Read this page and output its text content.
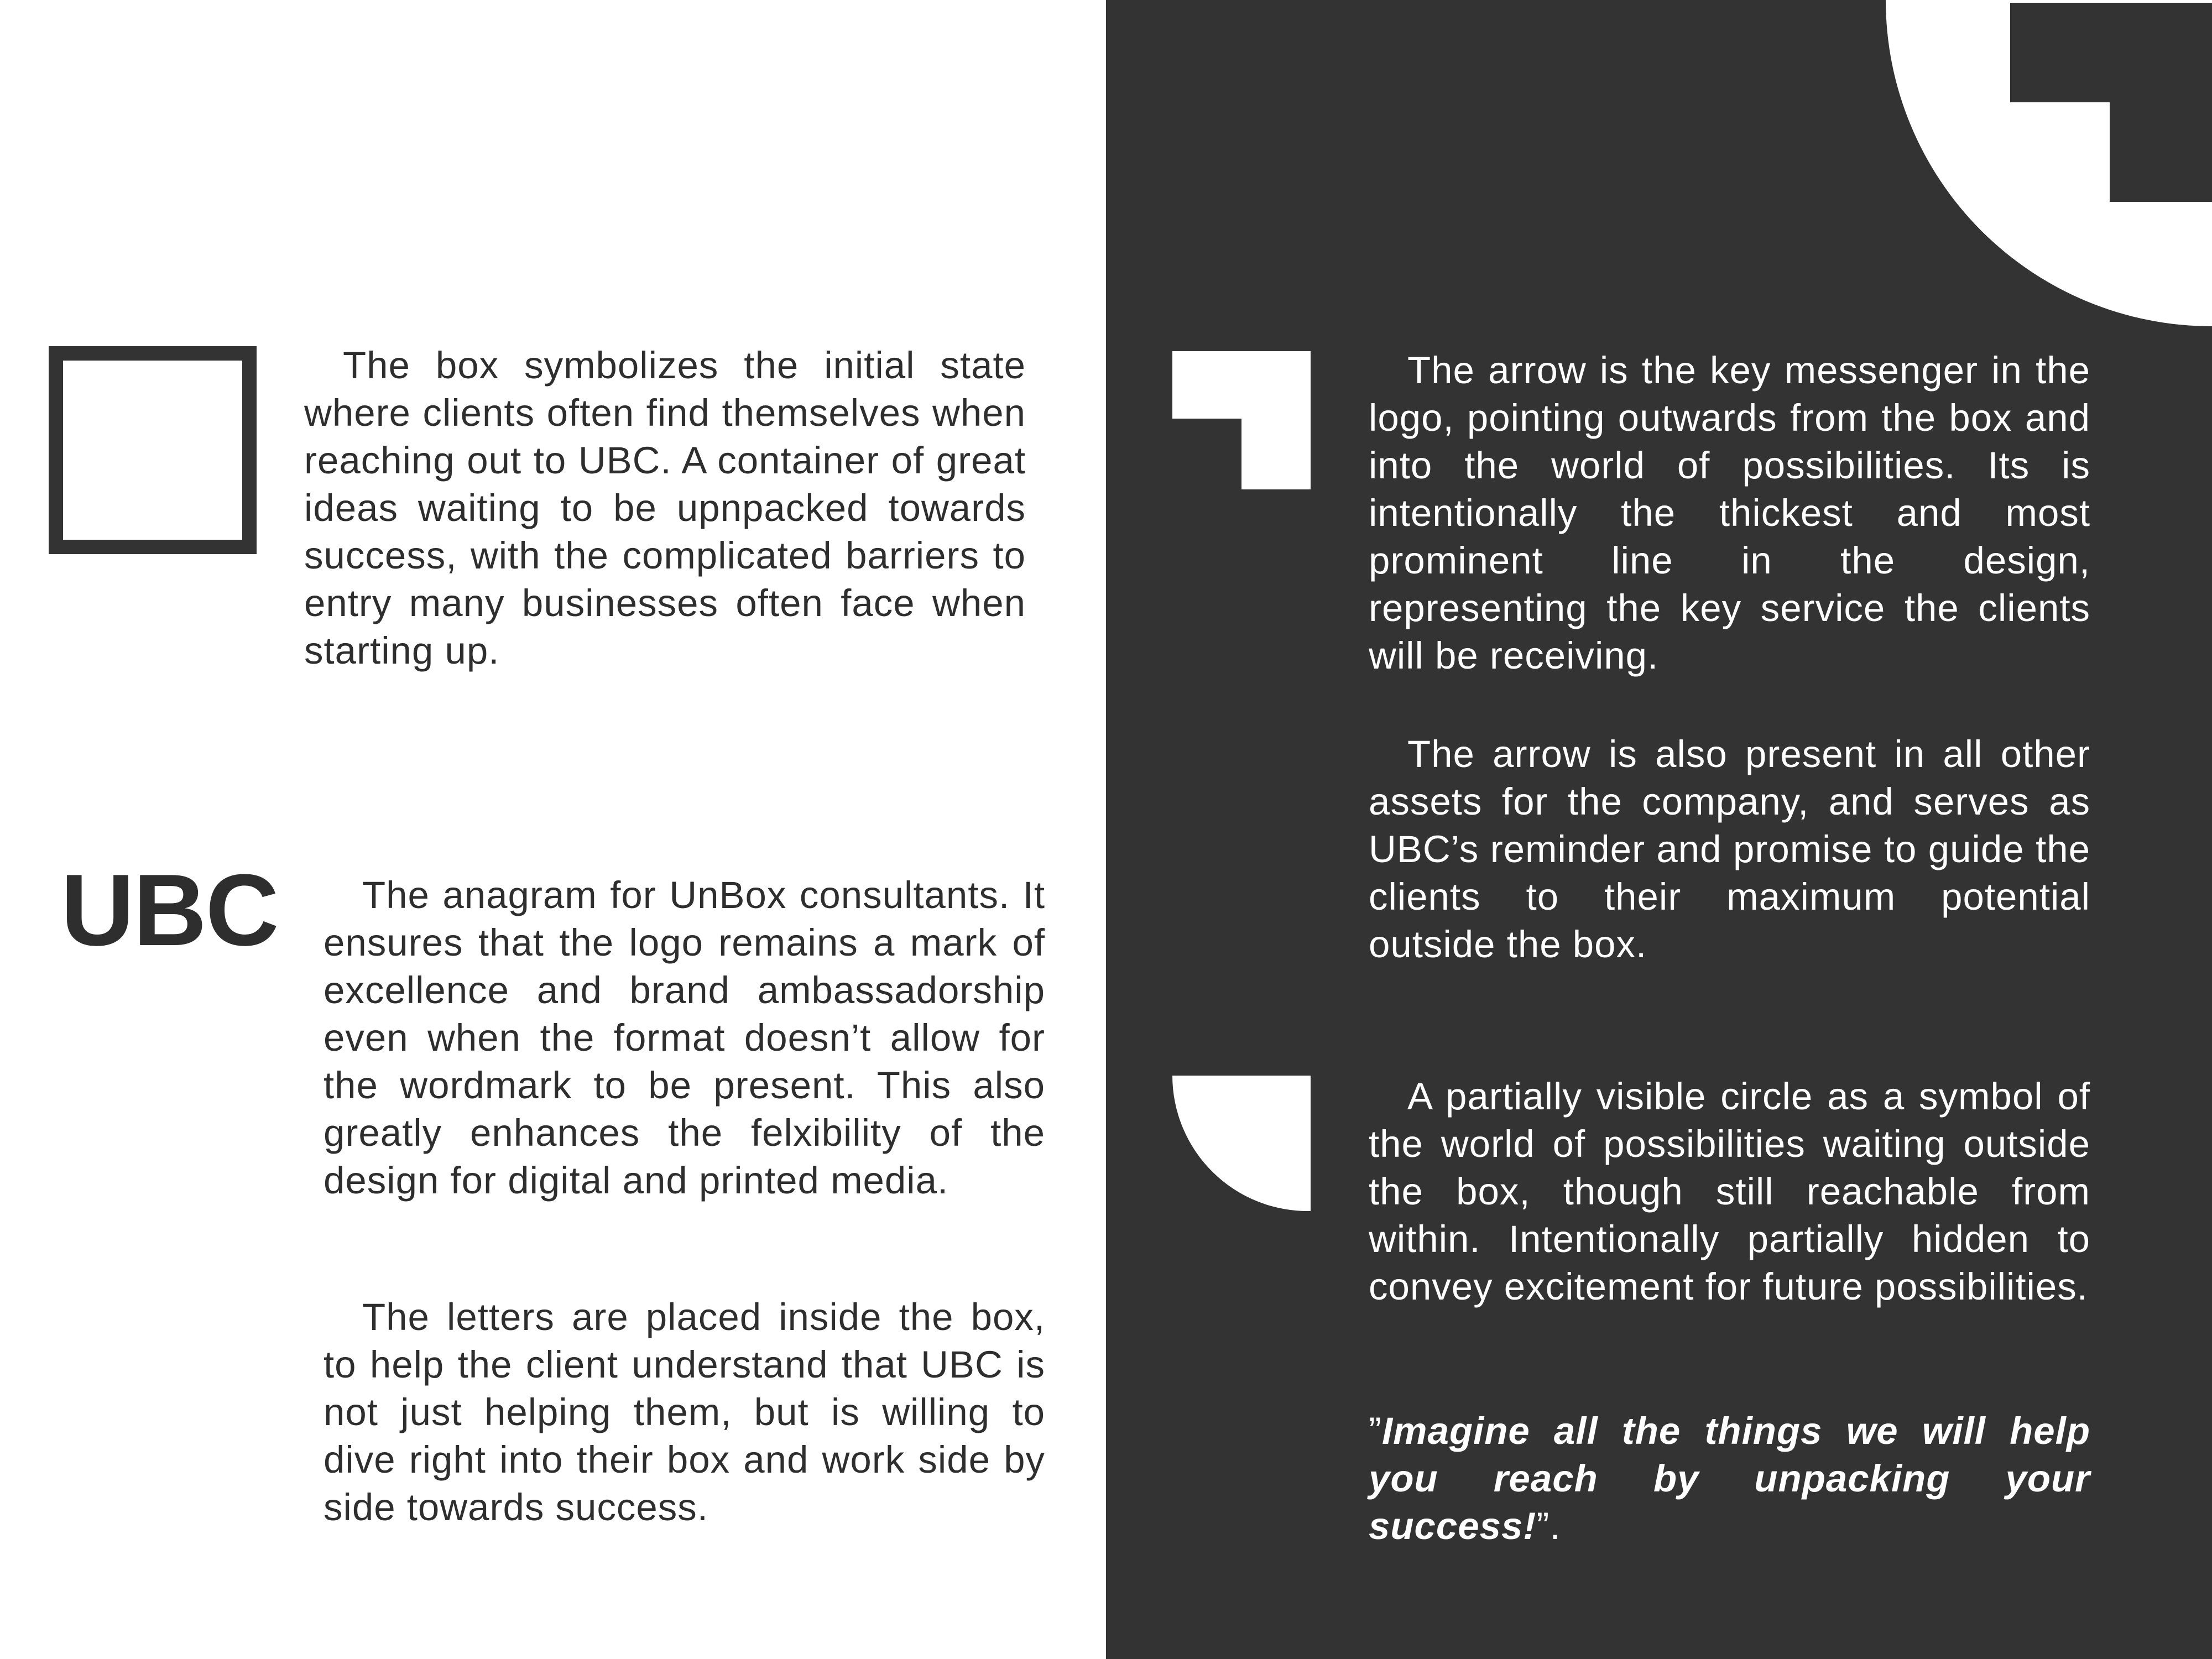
The box symbolizes the initial state where clients often find themselves when reaching out to UBC. A container of great ideas waiting to be upnpacked towards success, with the complicated barriers to entry many businesses often face when starting up.

UBC	The anagram for UnBox consultants. It ensures that the logo remains a mark of excellence and brand ambassadorship even when the format doesn’t allow for the wordmark to be present. This also greatly enhances the felxibility of the design for digital and printed media.

The letters are placed inside the box, to help the client understand that UBC is not just helping them, but is willing to dive right into their box and work side by side towards success.

The arrow is the key messenger in the logo, pointing outwards from the box and into the world of possibilities. Its is intentionally the thickest and most prominent line in the design, representing the key service the clients will be receiving.

The arrow is also present in all other assets for the company, and serves as UBC’s reminder and promise to guide the clients to their maximum potential outside the box.

A partially visible circle as a symbol of the world of possibilities waiting outside the box, though still reachable from within. Intentionally partially hidden to convey excitement for future possibilities.

”Imagine all the things we will help you reach by unpacking your success!”.
